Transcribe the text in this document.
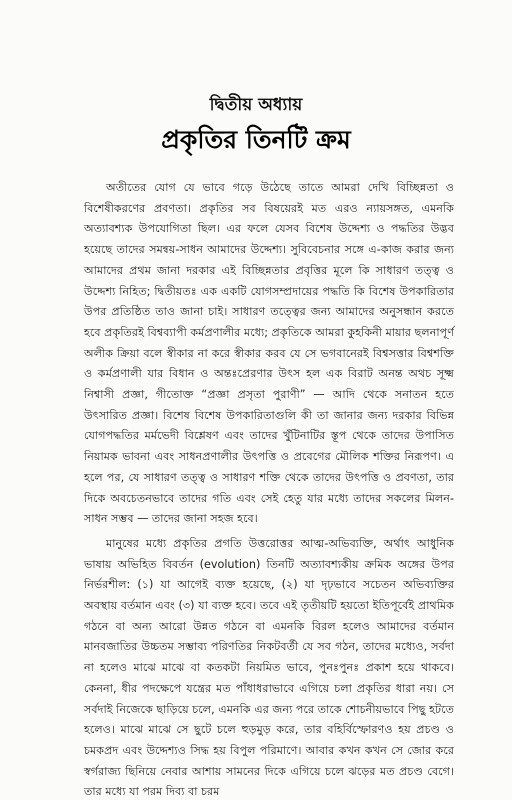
দ্বিতীয় অধ্যায়
প্রকৃতির তিনটি ক্রম

অতীতের যোগ যে ভাবে গড়ে উঠেছে তাতে আমরা দেখি বিচ্ছিন্নতা ও বিশেষীকরণের প্রবণতা। প্রকৃতির সব বিষয়েরই মত এরও ন্যায়সঙ্গত, এমনকি অত্যাবশ্যক উপযোগিতা ছিল। এর ফলে যেসব বিশেষ উদ্দেশ্য ও পদ্ধতির উদ্ভব হয়েছে তাদের সমন্বয়-সাধন আমাদের উদ্দেশ্য। সুবিবেচনার সঙ্গে এ-কাজ করার জন্য আমাদের প্রথম জানা দরকার এই বিচ্ছিন্নতার প্রবৃত্তির মূলে কি সাধারণ তত্ত্ব ও উদ্দেশ্য নিহিত; দ্বিতীয়তঃ এক একটি যোগসম্প্রদায়ের পদ্ধতি কি বিশেষ উপকারিতার উপর প্রতিষ্ঠিত তাও জানা চাই। সাধারণ তত্ত্বের জন্য আমাদের অনুসন্ধান করতে হবে প্রকৃতিরই বিশ্বব্যাপী কর্মপ্রণালীর মধ্যে; প্রকৃতিকে আমরা কুহকিনী মায়ার ছলনাপূর্ণ অলীক ক্রিয়া বলে স্বীকার না করে স্বীকার করব যে সে ভগবানেরই বিশ্বসত্তার বিশ্বশক্তি ও কর্মপ্রণালী যার বিধান ও অন্তঃপ্রেরণার উৎস হল এক বিরাট অনন্ত অথচ সূক্ষ্ম নিশ্বাসী প্রজ্ঞা, গীতোক্ত “প্রজ্ঞা প্রসৃতা পুরাণী” — আদি থেকে সনাতন হতে উৎসারিত প্রজ্ঞা। বিশেষ বিশেষ উপকারিতাগুলি কী তা জানার জন্য দরকার বিভিন্ন যোগপদ্ধতির মর্মভেদী বিশ্লেষণ এবং তাদের খুঁটিনাটির স্তূপ থেকে তাদের উপাসিত নিয়ামক ভাবনা এবং সাধনপ্রণালীর উৎপত্তি ও প্রবেগের মৌলিক শক্তির নিরূপণ। এ হলে পর, যে সাধারণ তত্ত্ব ও সাধারণ শক্তি থেকে তাদের উৎপত্তি ও প্রবণতা, তার দিকে অবচেতনভাবে তাদের গতি এবং সেই হেতু যার মধ্যে তাদের সকলের মিলন-সাধন সম্ভব — তাদের জানা সহজ হবে।

মানুষের মধ্যে প্রকৃতির প্রগতি উত্তরোত্তর আত্ম-অভিব্যক্তি, অর্থাৎ আধুনিক ভাষায় অভিহিত বিবর্তন (evolution) তিনটি অত্যাবশ্যকীয় ক্রমিক অঙ্গের উপর নির্ভরশীল: (১) যা আগেই ব্যক্ত হয়েছে, (২) যা দৃঢ়ভাবে সচেতন অভিব্যক্তির অবস্থায় বর্তমান এবং (৩) যা ব্যক্ত হবে। তবে এই তৃতীয়টি হয়তো ইতিপূর্বেই প্রাথমিক গঠনে বা অন্য আরো উন্নত গঠনে বা এমনকি বিরল হলেও আমাদের বর্তমান মানবজাতির উচ্চতম সম্ভাব্য পরিণতির নিকটবর্তী যে সব গঠন, তাদের মধ্যেও, সর্বদা না হলেও মাঝে মাঝে বা কতকটা নিয়মিত ভাবে, পুনঃপুনঃ প্রকাশ হয়ে থাকবে। কেননা, ধীর পদক্ষেপে যন্ত্রের মত পাঁধাধরাভাবে এগিয়ে চলা প্রকৃতির ধারা নয়। সে সর্বদাই নিজেকে ছাড়িয়ে চলে, এমনকি এর জন্য পরে তাকে শোচনীয়ভাবে পিছু হটতে হলেও। মাঝে মাঝে সে ছুটে চলে হুড়মুড় করে, তার বহির্বিস্ফোরণও হয় প্রচণ্ড ও চমকপ্রদ এবং উদ্দেশ্যও সিদ্ধ হয় বিপুল পরিমাণে। আবার কখন কখন সে জোর করে স্বর্গরাজ্য ছিনিয়ে নেবার আশায় সামনের দিকে এগিয়ে চলে ঝড়ের মত প্রচণ্ড বেগে। তার মধ্যে যা পরম দিব্য বা চরম
